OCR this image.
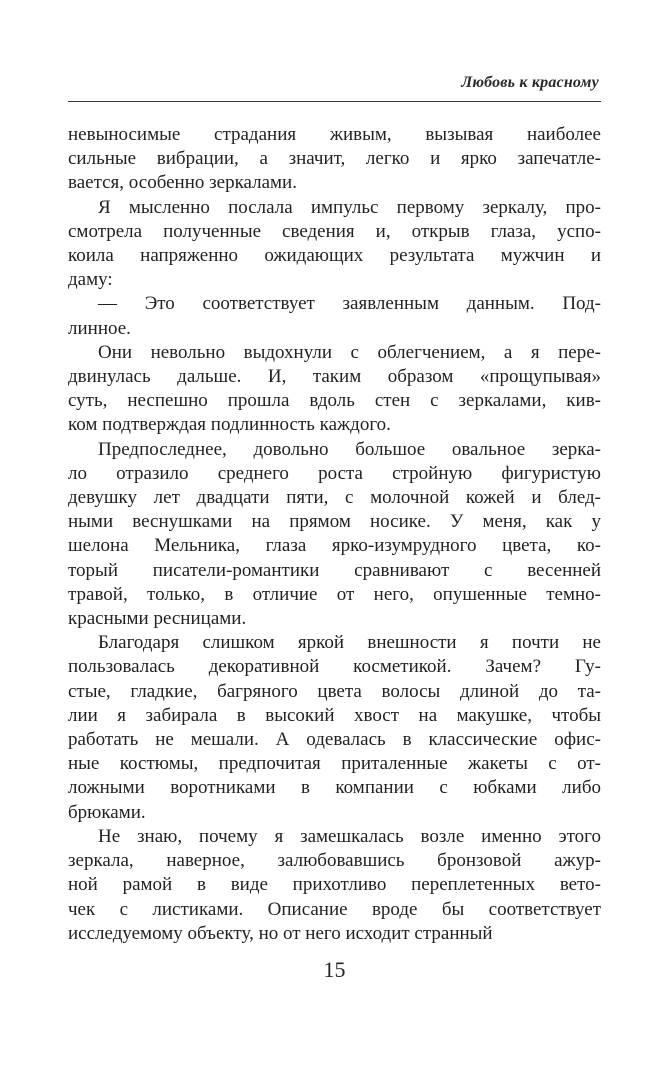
Любовь к красному
невыносимые страдания живым, вызывая наиболее
сильные вибрации, а значит, легко и ярко запечатле-
вается, особенно зеркалами.
Я мысленно послала импульс первому зеркалу, про-
смотрела полученные сведения и, открыв глаза, успо-
коила напряженно ожидающих результата мужчин и
даму:
— Это соответствует заявленным данным. Под-
линное.
Они невольно выдохнули с облегчением, а я пере-
двинулась дальше. И, таким образом «прощупывая»
суть, неспешно прошла вдоль стен с зеркалами, кив-
ком подтверждая подлинность каждого.
Предпоследнее, довольно большое овальное зерка-
ло отразило среднего роста стройную фигуристую
девушку лет двадцати пяти, с молочной кожей и блед-
ными веснушками на прямом носике. У меня, как у
шелона Мельника, глаза ярко-изумрудного цвета, ко-
торый писатели-романтики сравнивают с весенней
травой, только, в отличие от него, опушенные темно-
красными ресницами.
Благодаря слишком яркой внешности я почти не
пользовалась декоративной косметикой. Зачем? Гу-
стые, гладкие, багряного цвета волосы длиной до та-
лии я забирала в высокий хвост на макушке, чтобы
работать не мешали. А одевалась в классические офис-
ные костюмы, предпочитая приталенные жакеты с от-
ложными воротниками в компании с юбками либо
брюками.
Не знаю, почему я замешкалась возле именно этого
зеркала, наверное, залюбовавшись бронзовой ажур-
ной рамой в виде прихотливо переплетенных вето-
чек с листиками. Описание вроде бы соответствует
исследуемому объекту, но от него исходит странный
15
